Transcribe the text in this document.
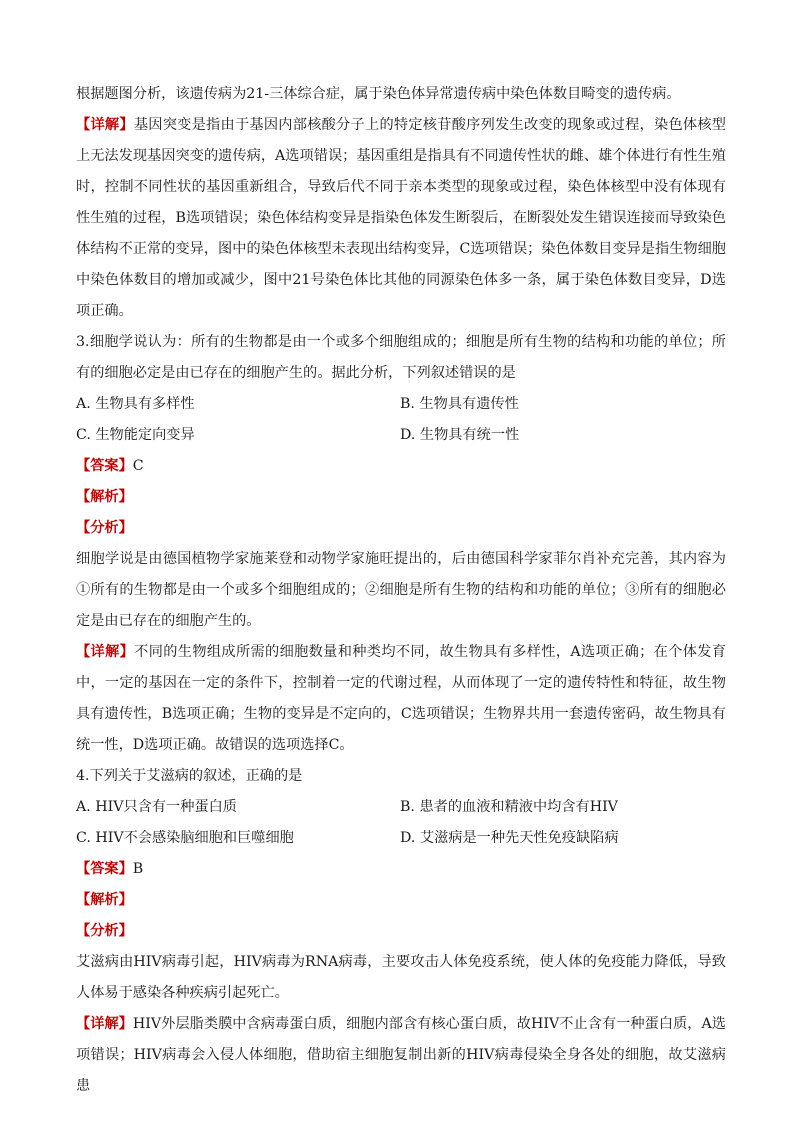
根据题图分析，该遗传病为21-三体综合症，属于染色体异常遗传病中染色体数目畸变的遗传病。

【详解】基因突变是指由于基因内部核酸分子上的特定核苷酸序列发生改变的现象或过程，染色体核型上无法发现基因突变的遗传病，A选项错误；基因重组是指具有不同遗传性状的雌、雄个体进行有性生殖时，控制不同性状的基因重新组合，导致后代不同于亲本类型的现象或过程，染色体核型中没有体现有性生殖的过程，B选项错误；染色体结构变异是指染色体发生断裂后，在断裂处发生错误连接而导致染色体结构不正常的变异，图中的染色体核型未表现出结构变异，C选项错误；染色体数目变异是指生物细胞中染色体数目的增加或减少，图中21号染色体比其他的同源染色体多一条，属于染色体数目变异，D选项正确。

3.细胞学说认为：所有的生物都是由一个或多个细胞组成的；细胞是所有生物的结构和功能的单位；所有的细胞必定是由已存在的细胞产生的。据此分析，下列叙述错误的是

A. 生物具有多样性	B. 生物具有遗传性
C. 生物能定向变异	D. 生物具有统一性

【答案】C

【解析】

【分析】

细胞学说是由德国植物学家施莱登和动物学家施旺提出的，后由德国科学家菲尔肖补充完善，其内容为①所有的生物都是由一个或多个细胞组成的；②细胞是所有生物的结构和功能的单位；③所有的细胞必定是由已存在的细胞产生的。

【详解】不同的生物组成所需的细胞数量和种类均不同，故生物具有多样性，A选项正确；在个体发育中，一定的基因在一定的条件下，控制着一定的代谢过程，从而体现了一定的遗传特性和特征，故生物具有遗传性，B选项正确；生物的变异是不定向的，C选项错误；生物界共用一套遗传密码，故生物具有统一性，D选项正确。故错误的选项选择C。

4.下列关于艾滋病的叙述，正确的是

A. HIV只含有一种蛋白质	B. 患者的血液和精液中均含有HIV
C. HIV不会感染脑细胞和巨噬细胞	D. 艾滋病是一种先天性免疫缺陷病

【答案】B

【解析】

【分析】

艾滋病由HIV病毒引起，HIV病毒为RNA病毒，主要攻击人体免疫系统，使人体的免疫能力降低，导致人体易于感染各种疾病引起死亡。

【详解】HIV外层脂类膜中含病毒蛋白质，细胞内部含有核心蛋白质，故HIV不止含有一种蛋白质，A选项错误；HIV病毒会入侵人体细胞，借助宿主细胞复制出新的HIV病毒侵染全身各处的细胞，故艾滋病患
